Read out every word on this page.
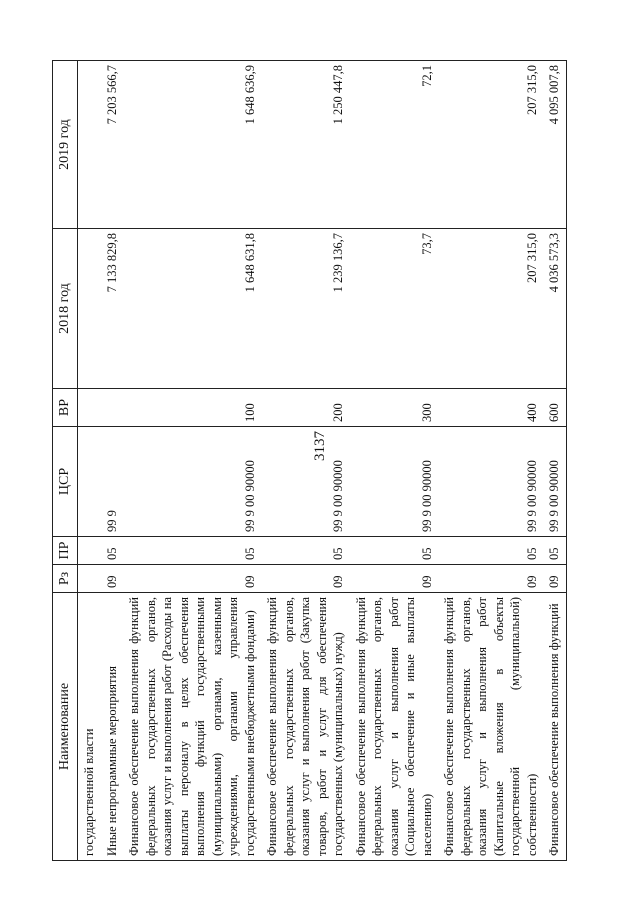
3137
Наименование	Рз	ПР	ЦСР	ВР	2018 год	2019 год
государственной власти						
Иные непрограммные мероприятия	09	05	99 9		7 133 829,8	7 203 566,7
Финансовое обеспечение выполнения функций федеральных государственных органов, оказания услуг и выполнения работ (Расходы на выплаты персоналу в целях обеспечения выполнения функций государственными (муниципальными) органами, казенными учреждениями, органами управления государственными внебюджетными фондами)	09	05	99 9 00 90000	100	1 648 631,8	1 648 636,9
Финансовое обеспечение выполнения функций федеральных государственных органов, оказания услуг и выполнения работ (Закупка товаров, работ и услуг для обеспечения государственных (муниципальных) нужд)	09	05	99 9 00 90000	200	1 239 136,7	1 250 447,8
Финансовое обеспечение выполнения функций федеральных государственных органов, оказания услуг и выполнения работ (Социальное обеспечение и иные выплаты населению)	09	05	99 9 00 90000	300	73,7	72,1
Финансовое обеспечение выполнения функций федеральных государственных органов, оказания услуг и выполнения работ (Капитальные вложения в объекты государственной (муниципальной) собственности)	09	05	99 9 00 90000	400	207 315,0	207 315,0
Финансовое обеспечение выполнения функций	09	05	99 9 00 90000	600	4 036 573,3	4 095 007,8
